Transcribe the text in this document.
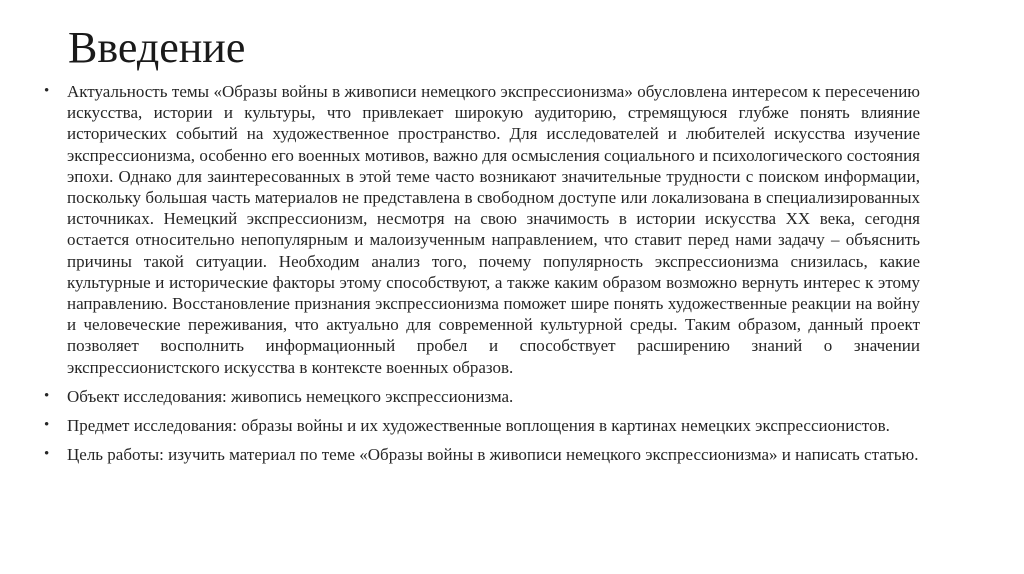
Введение
• Актуальность темы «Образы войны в живописи немецкого экспрессионизма» обусловлена интересом к пересечению искусства, истории и культуры, что привлекает широкую аудиторию, стремящуюся глубже понять влияние исторических событий на художественное пространство. Для исследователей и любителей искусства изучение экспрессионизма, особенно его военных мотивов, важно для осмысления социального и психологического состояния эпохи. Однако для заинтересованных в этой теме часто возникают значительные трудности с поиском информации, поскольку большая часть материалов не представлена в свободном доступе или локализована в специализированных источниках. Немецкий экспрессионизм, несмотря на свою значимость в истории искусства XX века, сегодня остается относительно непопулярным и малоизученным направлением, что ставит перед нами задачу – объяснить причины такой ситуации. Необходим анализ того, почему популярность экспрессионизма снизилась, какие культурные и исторические факторы этому способствуют, а также каким образом возможно вернуть интерес к этому направлению. Восстановление признания экспрессионизма поможет шире понять художественные реакции на войну и человеческие переживания, что актуально для современной культурной среды. Таким образом, данный проект позволяет восполнить информационный пробел и способствует расширению знаний о значении экспрессионистского искусства в контексте военных образов.
• Объект исследования: живопись немецкого экспрессионизма.
• Предмет исследования: образы войны и их художественные воплощения в картинах немецких экспрессионистов.
• Цель работы: изучить материал по теме «Образы войны в живописи немецкого экспрессионизма» и написать статью.
